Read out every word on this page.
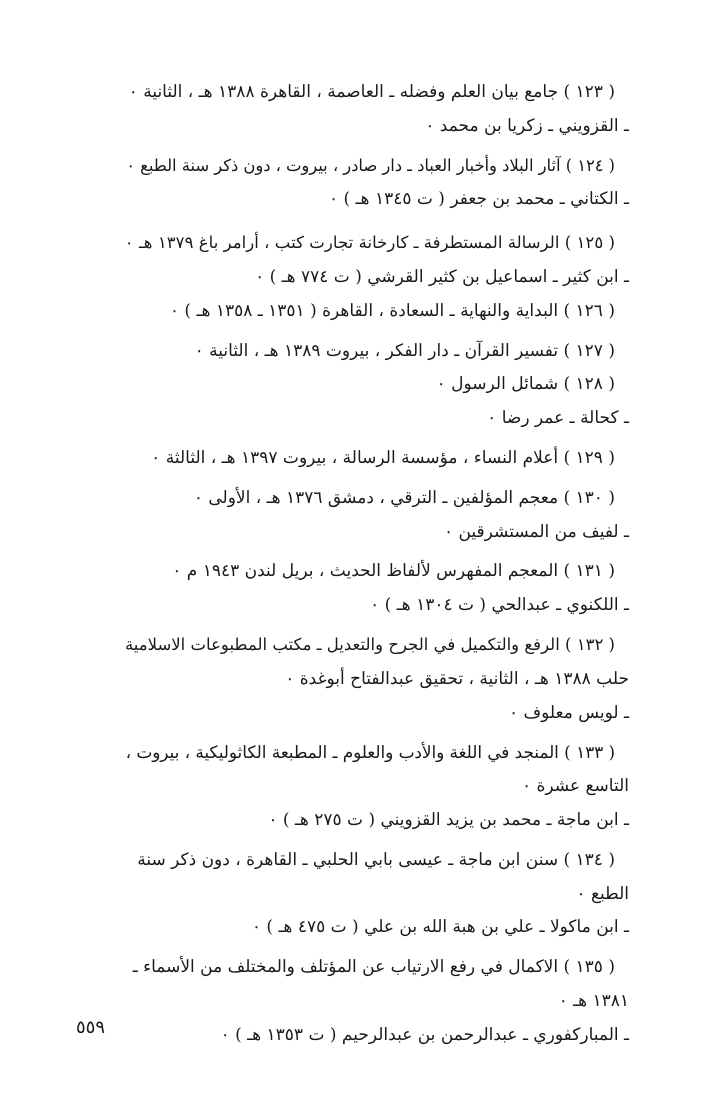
( ١٢٣ ) جامع بيان العلم وفضله ـ العاصمة ، القاهرة ١٣٨٨ هـ ، الثانية ٠

ـ القزويني ـ زكريا بن محمد ٠

( ١٢٤ ) آثار البلاد وأخبار العباد ـ دار صادر ، بيروت ، دون ذكر سنة الطبع ٠

ـ الكتاني ـ محمد بن جعفر ( ت ١٣٤٥ هـ ) ٠

( ١٢٥ ) الرسالة المستطرفة ـ كارخانة تجارت كتب ، أرامر باغ ١٣٧٩ هـ ٠

ـ ابن كثير ـ اسماعيل بن كثير القرشي ( ت ٧٧٤ هـ ) ٠

( ١٢٦ ) البداية والنهاية ـ السعادة ، القاهرة ( ١٣٥١ ـ ١٣٥٨ هـ ) ٠

( ١٢٧ ) تفسير القرآن ـ دار الفكر ، بيروت ١٣٨٩ هـ ، الثانية ٠

( ١٢٨ ) شمائل الرسول ٠

ـ كحالة ـ عمر رضا ٠

( ١٢٩ ) أعلام النساء ، مؤسسة الرسالة ، بيروت ١٣٩٧ هـ ، الثالثة ٠

( ١٣٠ ) معجم المؤلفين ـ الترقي ، دمشق ١٣٧٦ هـ ، الأولى ٠

ـ لفيف من المستشرقين ٠

( ١٣١ ) المعجم المفهرس لألفاظ الحديث ، بريل لندن ١٩٤٣ م ٠

ـ اللكنوي ـ عبدالحي ( ت ١٣٠٤ هـ ) ٠

( ١٣٢ ) الرفع والتكميل في الجرح والتعديل ـ مكتب المطبوعات الاسلامية

حلب ١٣٨٨ هـ ، الثانية ، تحقيق عبدالفتاح أبوغدة ٠

ـ لويس معلوف ٠

( ١٣٣ ) المنجد في اللغة والأدب والعلوم ـ المطبعة الكاثوليكية ، بيروت ،

التاسع عشرة ٠

ـ ابن ماجة ـ محمد بن يزيد القزويني ( ت ٢٧٥ هـ ) ٠

( ١٣٤ ) سنن ابن ماجة ـ عيسى بابي الحلبي ـ القاهرة ، دون ذكر سنة

الطبع ٠

ـ ابن ماكولا ـ علي بن هبة الله بن علي ( ت ٤٧٥ هـ ) ٠

( ١٣٥ ) الاكمال في رفع الارتياب عن المؤتلف والمختلف من الأسماء ـ

١٣٨١ هـ ٠

ـ المباركفوري ـ عبدالرحمن بن عبدالرحيم ( ت ١٣٥٣ هـ ) ٠

٥٥٩
